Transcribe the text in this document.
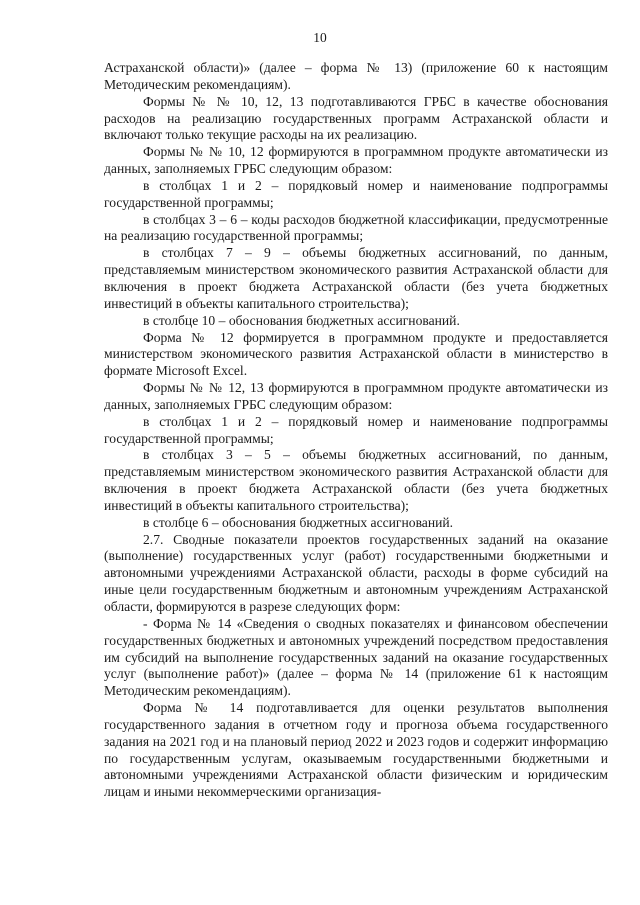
10

Астраханской области)» (далее – форма № 13) (приложение 60 к настоящим Методическим рекомендациям).

Формы № № 10, 12, 13 подготавливаются ГРБС в качестве обоснования расходов на реализацию государственных программ Астраханской области и включают только текущие расходы на их реализацию.

Формы № № 10, 12 формируются в программном продукте автоматически из данных, заполняемых ГРБС следующим образом:

в столбцах 1 и 2 – порядковый номер и наименование подпрограммы государственной программы;

в столбцах 3 – 6 – коды расходов бюджетной классификации, предусмотренные на реализацию государственной программы;

в столбцах 7 – 9 – объемы бюджетных ассигнований, по данным, представляемым министерством экономического развития Астраханской области для включения в проект бюджета Астраханской области (без учета бюджетных инвестиций в объекты капитального строительства);

в столбце 10 – обоснования бюджетных ассигнований.

Форма № 12 формируется в программном продукте и предоставляется министерством экономического развития Астраханской области в министерство в формате Microsoft Excel.

Формы № № 12, 13 формируются в программном продукте автоматически из данных, заполняемых ГРБС следующим образом:

в столбцах 1 и 2 – порядковый номер и наименование подпрограммы государственной программы;

в столбцах 3 – 5 – объемы бюджетных ассигнований, по данным, представляемым министерством экономического развития Астраханской области для включения в проект бюджета Астраханской области (без учета бюджетных инвестиций в объекты капитального строительства);

в столбце 6 – обоснования бюджетных ассигнований.

2.7. Сводные показатели проектов государственных заданий на оказание (выполнение) государственных услуг (работ) государственными бюджетными и автономными учреждениями Астраханской области, расходы в форме субсидий на иные цели государственным бюджетным и автономным учреждениям Астраханской области, формируются в разрезе следующих форм:

- Форма № 14 «Сведения о сводных показателях и финансовом обеспечении государственных бюджетных и автономных учреждений посредством предоставления им субсидий на выполнение государственных заданий на оказание государственных услуг (выполнение работ)» (далее – форма № 14 (приложение 61 к настоящим Методическим рекомендациям).

Форма № 14 подготавливается для оценки результатов выполнения государственного задания в отчетном году и прогноза объема государственного задания на 2021 год и на плановый период 2022 и 2023 годов и содержит информацию по государственным услугам, оказываемым государственными бюджетными и автономными учреждениями Астраханской области физическим и юридическим лицам и иными некоммерческими организация-
